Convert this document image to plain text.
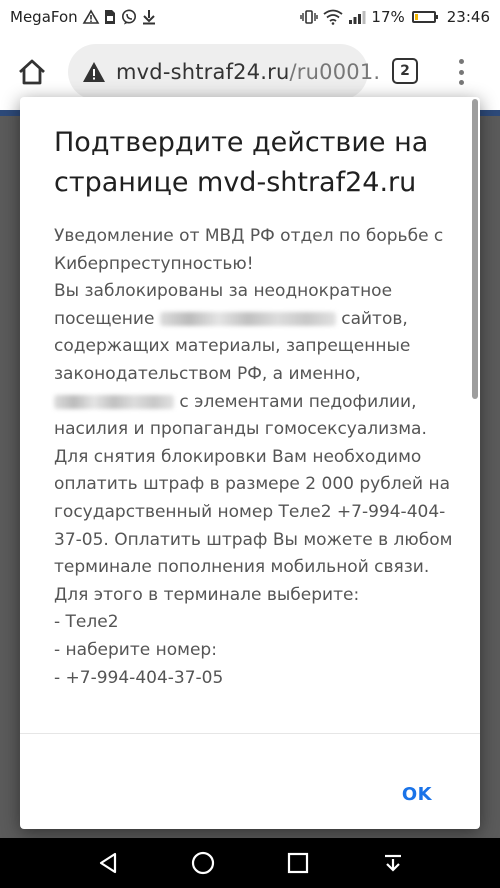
MegaFon	17%	23:46
mvd-shtraf24.ru/ru0001. 2
Подтвердите действие на странице mvd-shtraf24.ru
Уведомление от МВД РФ отдел по борьбе с Киберпреступностью!
Вы заблокированы за неоднократное посещение	сайтов, содержащих материалы, запрещенные законодательством РФ, а именно,
с элементами педофилии, насилия и пропаганды гомосексуализма. Для снятия блокировки Вам необходимо оплатить штраф в размере 2 000 рублей на государственный номер Теле2 +7-994-404-37-05. Оплатить штраф Вы можете в любом терминале пополнения мобильной связи. Для этого в терминале выберите:
- Теле2
- наберите номер:
- +7-994-404-37-05
OK
